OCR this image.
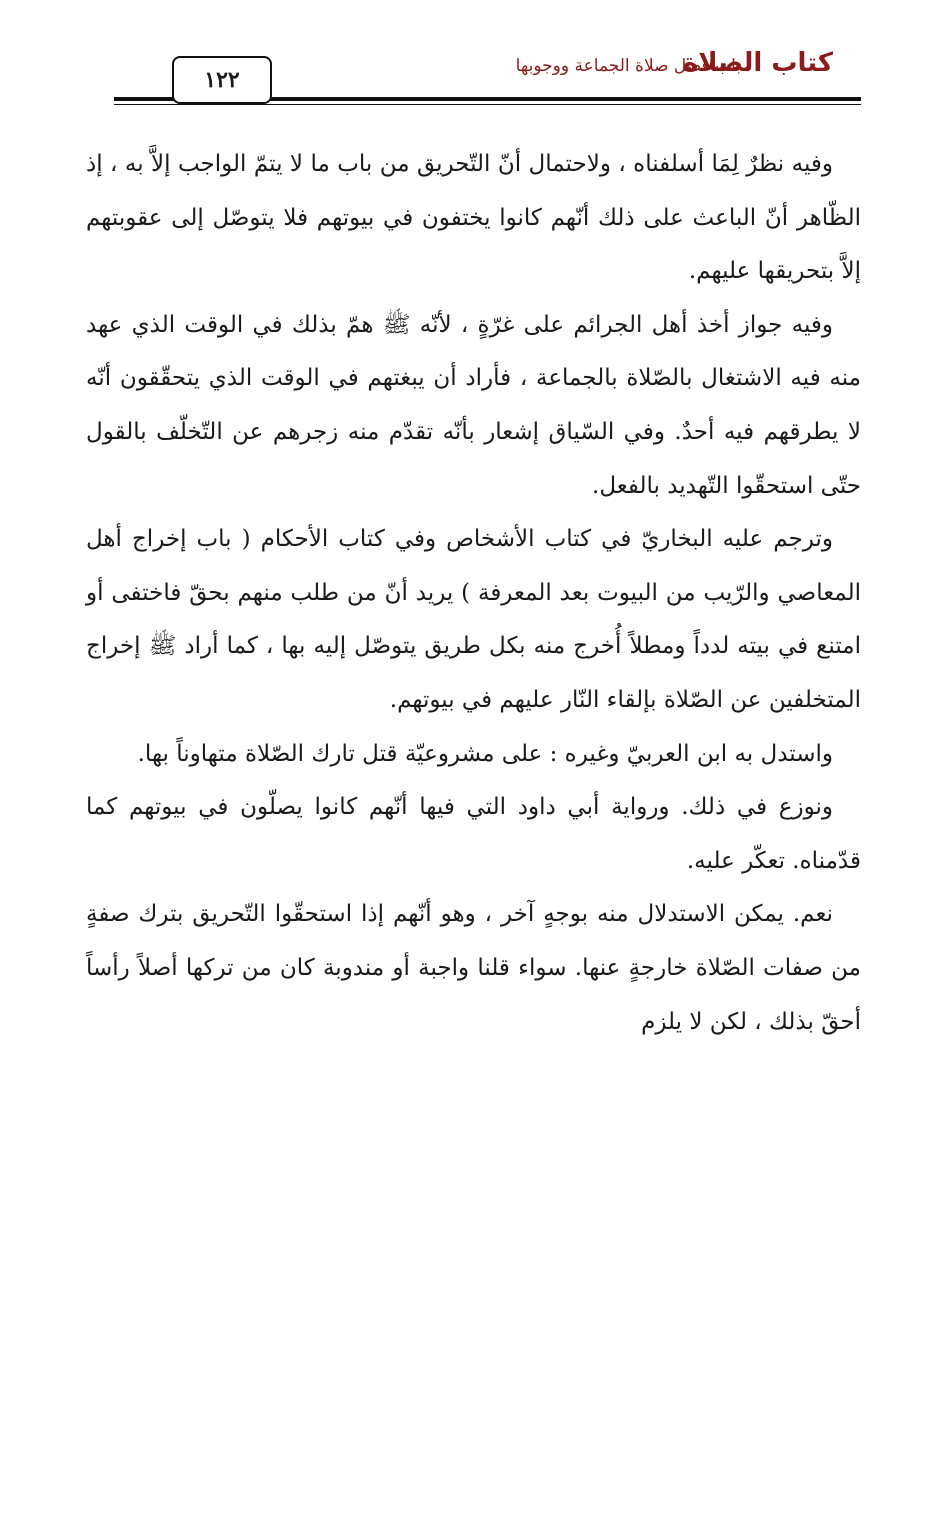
كتاب الصلاة
باب فضل صلاة الجماعة ووجوبها
١٢٢

وفيه نظرٌ لِمَا أسلفناه ، ولاحتمال أنّ التّحريق من باب ما لا يتمّ الواجب إلاَّ به ، إذ الظّاهر أنّ الباعث على ذلك أنّهم كانوا يختفون في بيوتهم فلا يتوصّل إلى عقوبتهم إلاَّ بتحريقها عليهم.

وفيه جواز أخذ أهل الجرائم على غرّةٍ ، لأنّه ﷺ همّ بذلك في الوقت الذي عهد منه فيه الاشتغال بالصّلاة بالجماعة ، فأراد أن يبغتهم في الوقت الذي يتحقّقون أنّه لا يطرقهم فيه أحدٌ. وفي السّياق إشعار بأنّه تقدّم منه زجرهم عن التّخلّف بالقول حتّى استحقّوا التّهديد بالفعل.

وترجم عليه البخاريّ في كتاب الأشخاص وفي كتاب الأحكام ( باب إخراج أهل المعاصي والرّيب من البيوت بعد المعرفة ) يريد أنّ من طلب منهم بحقّ فاختفى أو امتنع في بيته لدداً ومطلاً أُخرج منه بكل طريق يتوصّل إليه بها ، كما أراد ﷺ إخراج المتخلفين عن الصّلاة بإلقاء النّار عليهم في بيوتهم.

واستدل به ابن العربيّ وغيره : على مشروعيّة قتل تارك الصّلاة متهاوناً بها.

ونوزع في ذلك. ورواية أبي داود التي فيها أنّهم كانوا يصلّون في بيوتهم كما قدّمناه. تعكّر عليه.

نعم. يمكن الاستدلال منه بوجهٍ آخر ، وهو أنّهم إذا استحقّوا التّحريق بترك صفةٍ من صفات الصّلاة خارجةٍ عنها. سواء قلنا واجبة أو مندوبة كان من تركها أصلاً رأساً أحقّ بذلك ، لكن لا يلزم
